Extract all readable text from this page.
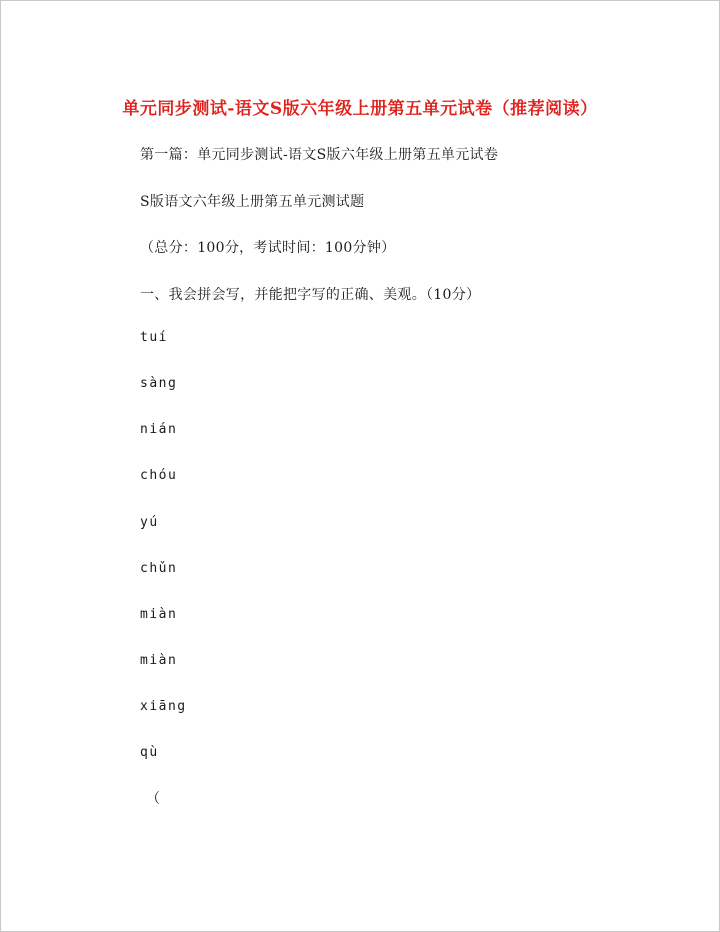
单元同步测试-语文S版六年级上册第五单元试卷（推荐阅读）
第一篇：单元同步测试-语文S版六年级上册第五单元试卷
S版语文六年级上册第五单元测试题
（总分：100分，考试时间：100分钟）
一、我会拼会写，并能把字写的正确、美观。（10分）
tuí
sàng
nián
chóu
yú
chǔn
miàn
miàn
xiāng
qù
（
